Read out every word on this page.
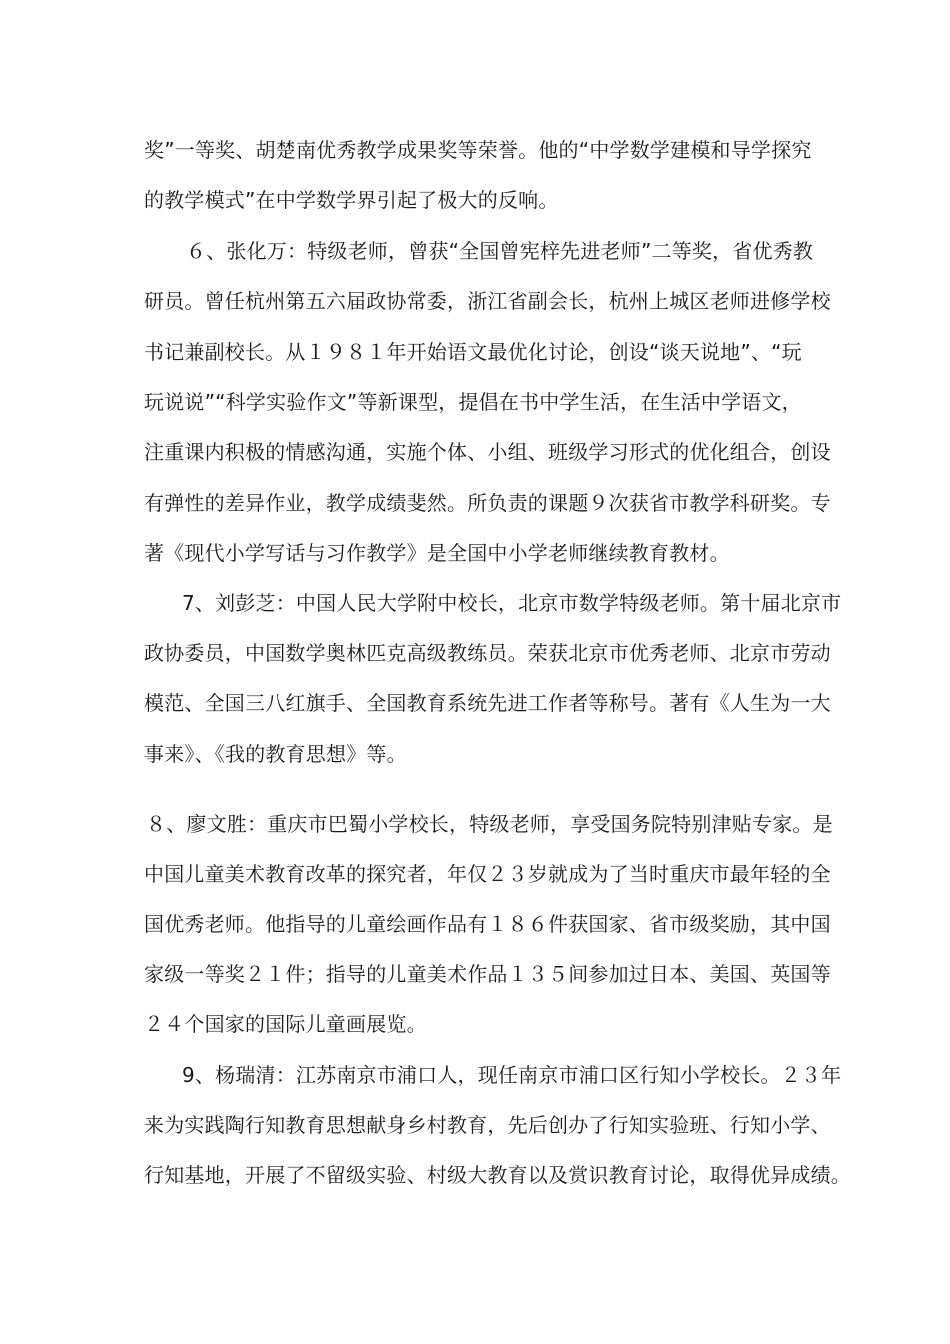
奖”一等奖、胡楚南优秀教学成果奖等荣誉。他的“中学数学建模和导学探究
的教学模式”在中学数学界引起了极大的反响。
６、张化万：特级老师，曾获“全国曾宪梓先进老师”二等奖，省优秀教
研员。曾任杭州第五六届政协常委，浙江省副会长，杭州上城区老师进修学校
书记兼副校长。从１９８１年开始语文最优化讨论，创设“谈天说地”、“玩
玩说说”“科学实验作文”等新课型，提倡在书中学生活，在生活中学语文，
注重课内积极的情感沟通，实施个体、小组、班级学习形式的优化组合，创设
有弹性的差异作业，教学成绩斐然。所负责的课题９次获省市教学科研奖。专
著《现代小学写话与习作教学》是全国中小学老师继续教育教材。
7、刘彭芝：中国人民大学附中校长，北京市数学特级老师。第十届北京市
政协委员，中国数学奥林匹克高级教练员。荣获北京市优秀老师、北京市劳动
模范、全国三八红旗手、全国教育系统先进工作者等称号。著有《人生为一大
事来》、《我的教育思想》等。
８、廖文胜：重庆市巴蜀小学校长，特级老师，享受国务院特别津贴专家。是
中国儿童美术教育改革的探究者，年仅２３岁就成为了当时重庆市最年轻的全
国优秀老师。他指导的儿童绘画作品有１８６件获国家、省市级奖励，其中国
家级一等奖２１件；指导的儿童美术作品１３５间参加过日本、美国、英国等
２４个国家的国际儿童画展览。
9、杨瑞清：江苏南京市浦口人，现任南京市浦口区行知小学校长。２３年
来为实践陶行知教育思想献身乡村教育，先后创办了行知实验班、行知小学、
行知基地，开展了不留级实验、村级大教育以及赏识教育讨论，取得优异成绩。
